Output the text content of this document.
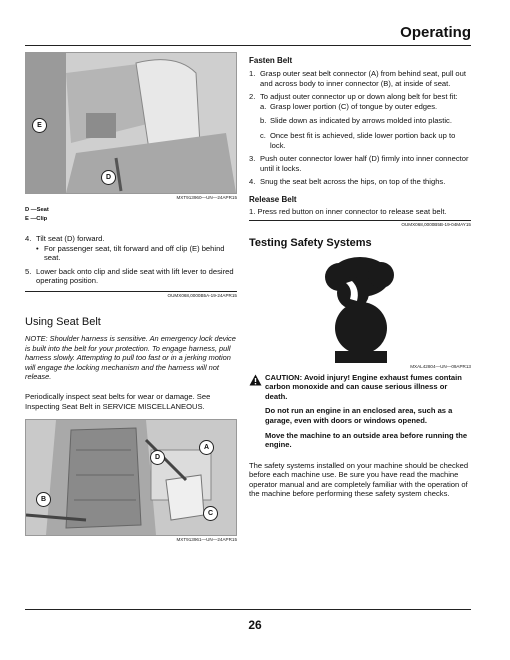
Operating
E
D
MXT913960—UN—24APR15
D —Seat
E —Clip
4. Tilt seat (D) forward.
• For passenger seat, tilt forward and off clip (E) behind seat.
5. Lower back onto clip and slide seat with lift lever to desired operating position.
OUMX068,0000B5A-19-24APR15
Using Seat Belt
NOTE: Shoulder harness is sensitive. An emergency lock device is built into the belt for your protection. To engage harness, pull harness slowly. Attempting to pull too fast or in a jerking motion will engage the locking mechanism and the harness will not release.

Periodically inspect seat belts for wear or damage. See Inspecting Seat Belt in SERVICE MISCELLANEOUS.

A
D
B
C
MXT913961—UN—24APR15
Fasten Belt
1. Grasp outer seat belt connector (A) from behind seat, pull out and across body to inner connector (B), at inside of seat.
2. To adjust outer connector up or down along belt for best fit:
a. Grasp lower portion (C) of tongue by outer edges.
b. Slide down as indicated by arrows molded into plastic.
c. Once best fit is achieved, slide lower portion back up to lock.
3. Push outer connector lower half (D) firmly into inner connector until it locks.
4. Snug the seat belt across the hips, on top of the thighs.
Release Belt

1. Press red button on inner connector to release seat belt.

OUMX068,0000B5B-19-04MAY15
Testing Safety Systems
MXAL42804—UN—09APR13

CAUTION: Avoid injury! Engine exhaust fumes contain carbon monoxide and can cause serious illness or death.

Do not run an engine in an enclosed area, such as a garage, even with doors or windows opened.

Move the machine to an outside area before running the engine.

The safety systems installed on your machine should be checked before each machine use. Be sure you have read the machine operator manual and are completely familiar with the operation of the machine before performing these safety system checks.

26
